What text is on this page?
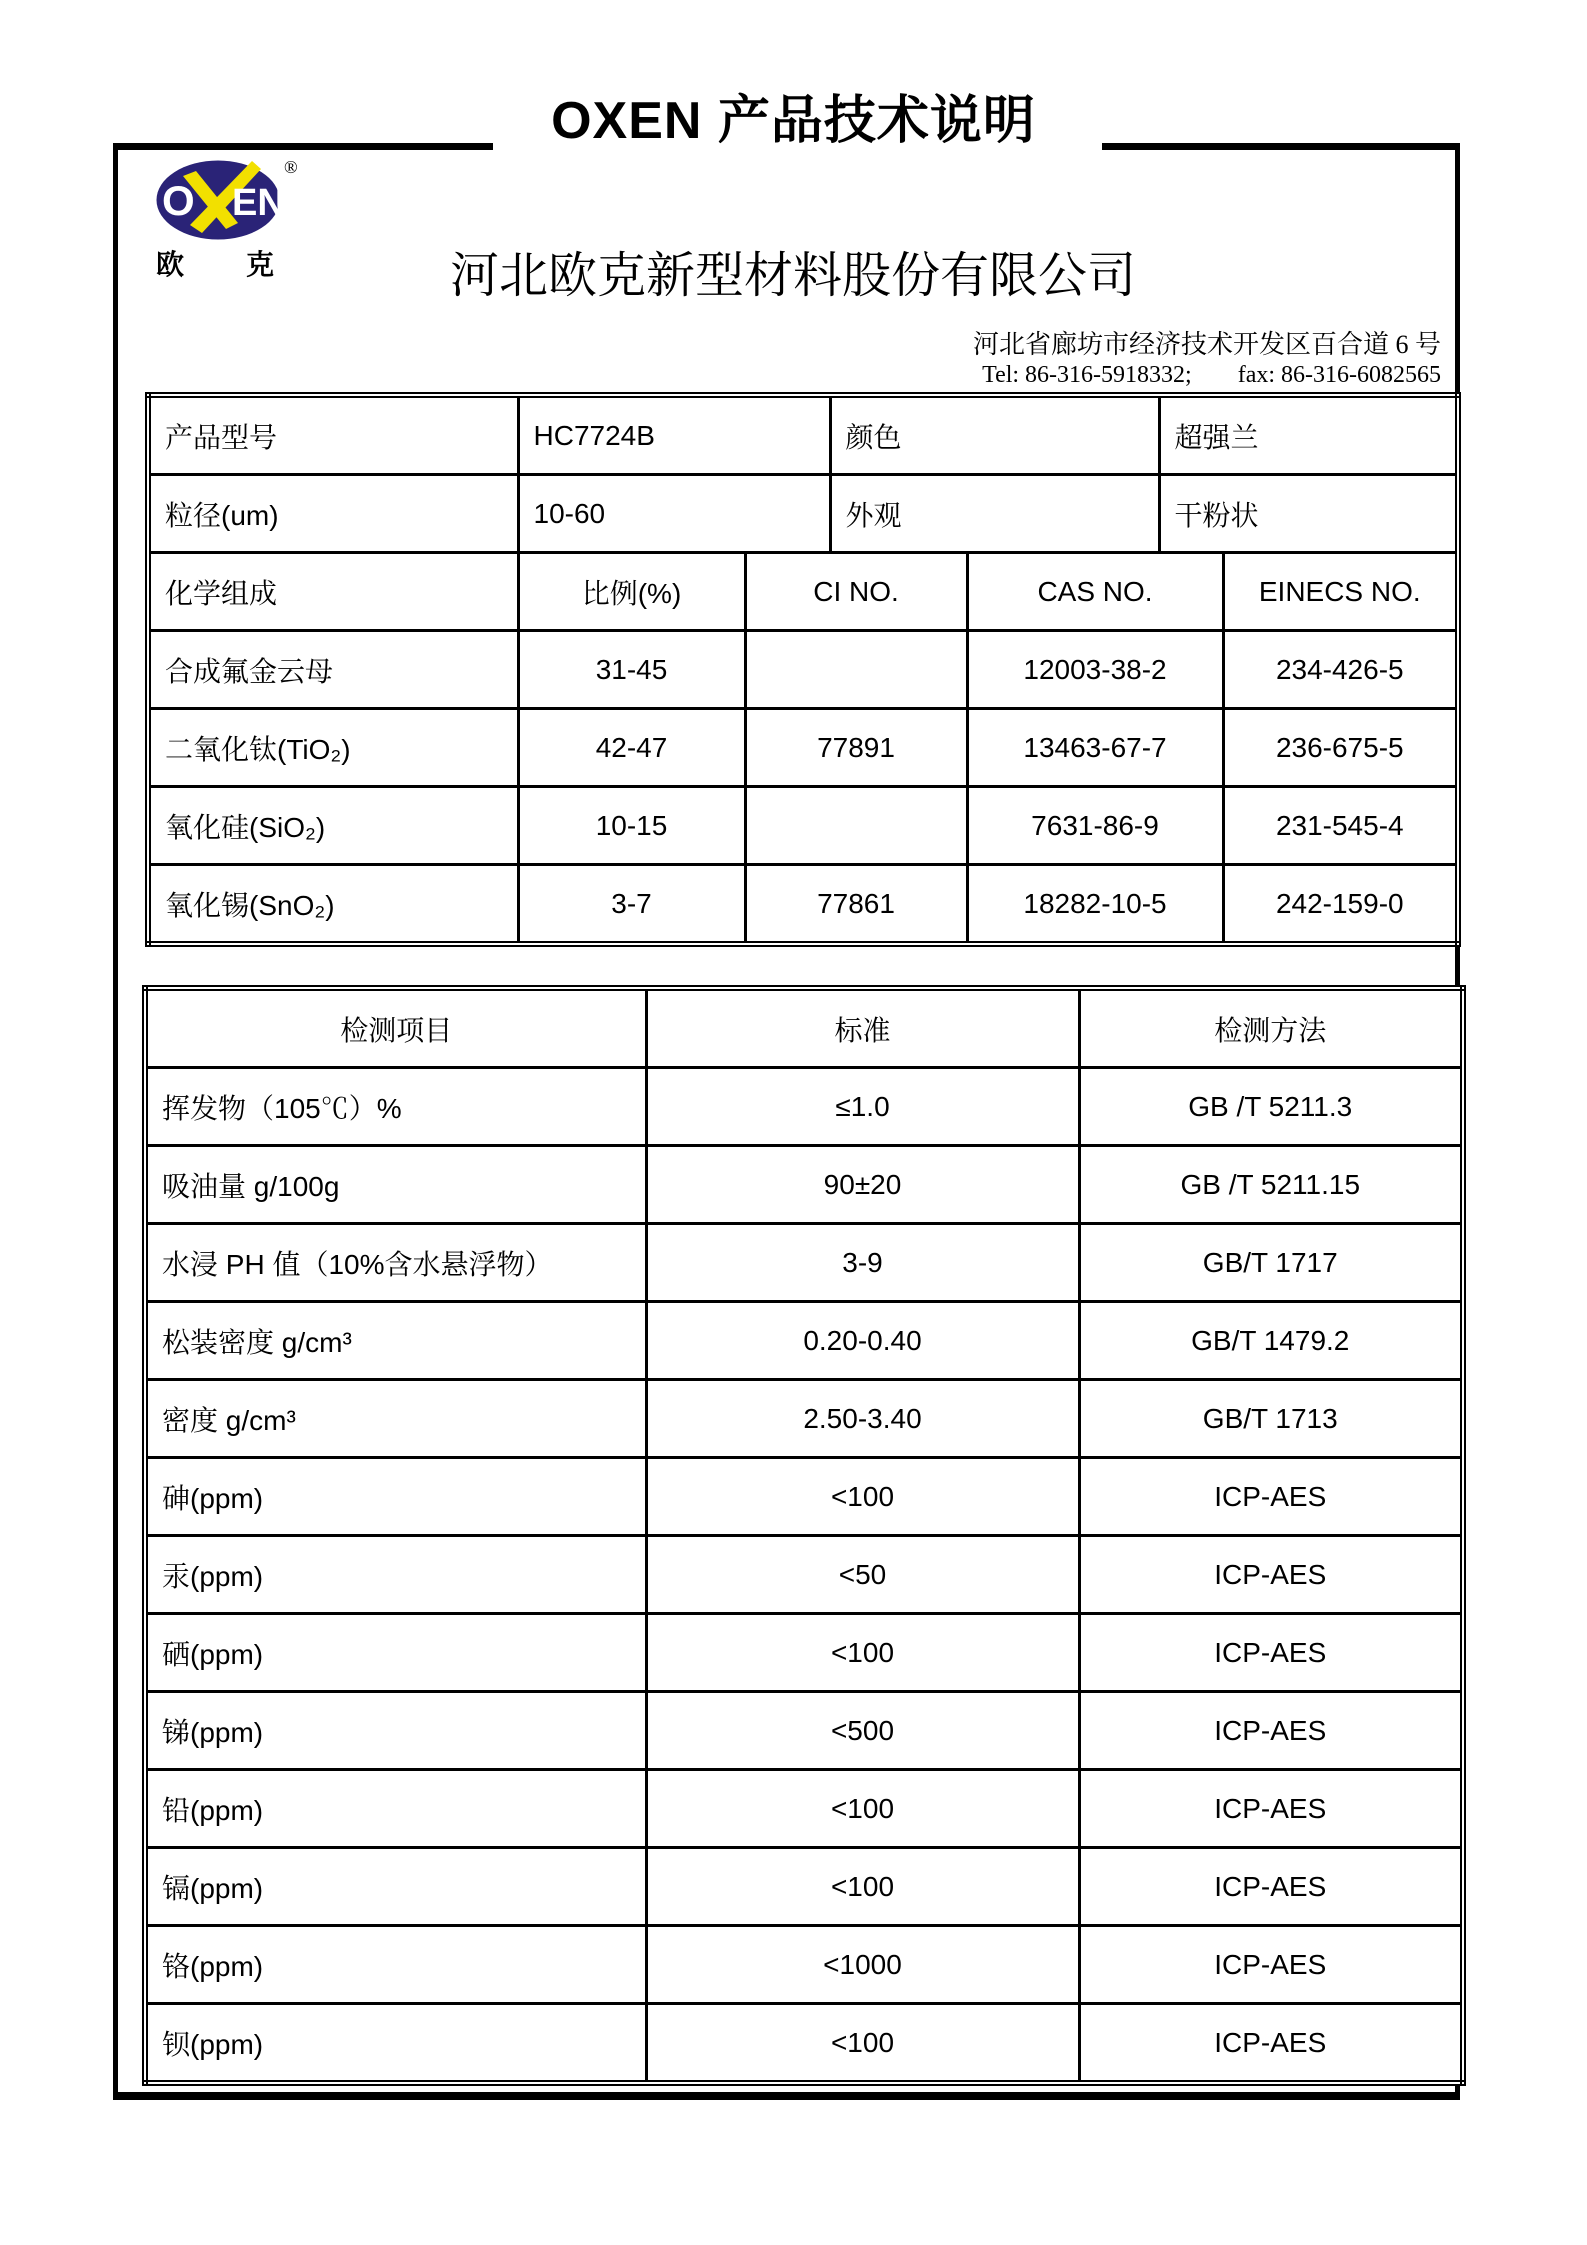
OXEN 产品技术说明
O EN
®
欧 克	河北欧克新型材料股份有限公司
河北省廊坊市经济技术开发区百合道 6 号
Tel: 86-316-5918332; fax: 86-316-6082565
产品型号	HC7724B		颜色		超强兰	
粒径(um)	10-60		外观		干粉状	
化学组成	比例(%)	CI NO.		CAS NO.		EINECS NO.
合成氟金云母	31-45			12003-38-2		234-426-5
二氧化钛(TiO₂)	42-47	77891		13463-67-7		236-675-5
氧化硅(SiO₂)	10-15			7631-86-9		231-545-4
氧化锡(SnO₂)	3-7	77861		18282-10-5		242-159-0
检测项目	标准	检测方法
挥发物（105℃）%	≤1.0	GB /T 5211.3
吸油量 g/100g	90±20	GB /T 5211.15
水浸 PH 值（10%含水悬浮物）	3-9	GB/T 1717
松装密度 g/cm³	0.20-0.40	GB/T 1479.2
密度 g/cm³	2.50-3.40	GB/T 1713
砷(ppm)	<100	ICP-AES
汞(ppm)	<50	ICP-AES
硒(ppm)	<100	ICP-AES
锑(ppm)	<500	ICP-AES
铅(ppm)	<100	ICP-AES
镉(ppm)	<100	ICP-AES
铬(ppm)	<1000	ICP-AES
钡(ppm)	<100	ICP-AES
